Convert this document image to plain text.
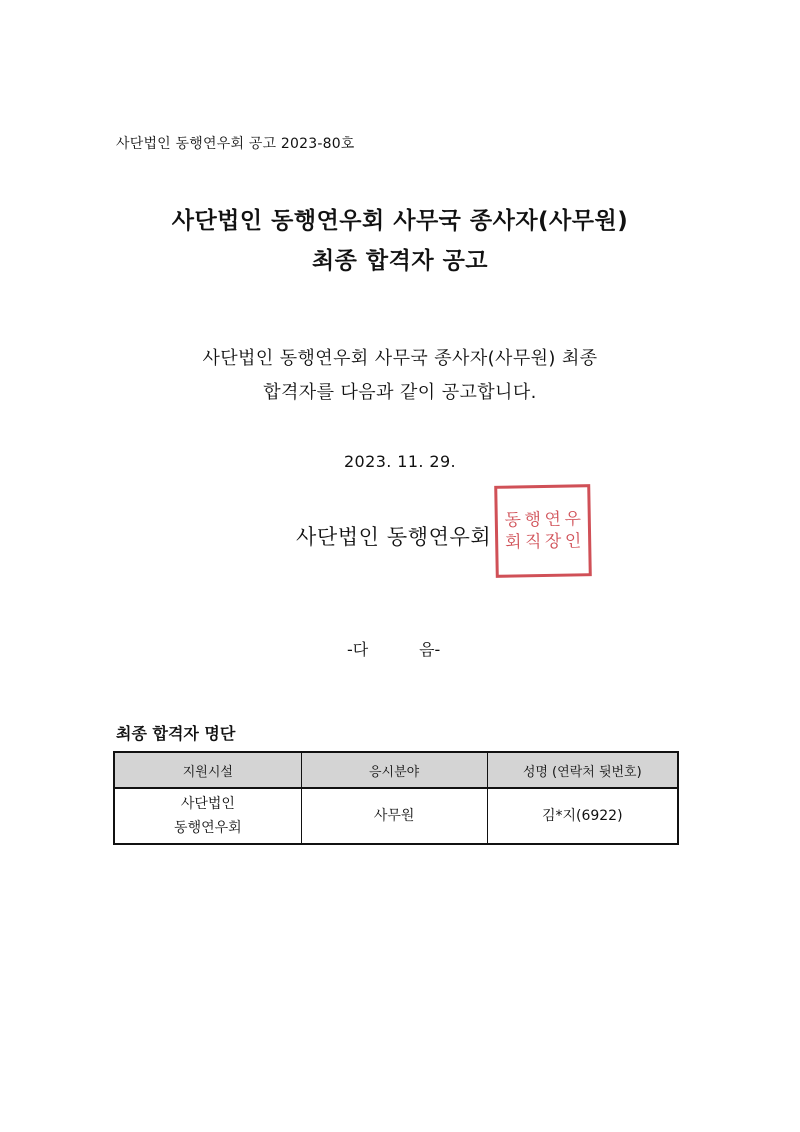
사단법인 동행연우회 공고 2023-80호
사단법인 동행연우회 사무국 종사자(사무원)
최종 합격자 공고
사단법인 동행연우회 사무국 종사자(사무원) 최종
합격자를 다음과 같이 공고합니다.
2023. 11. 29.
사단법인 동행연우회
동 행 연 우
회 직 장 인
-다          음-
최종 합격자 명단
지원시설	응시분야	성명 (연락처 뒷번호)

사단법인
동행연우회	사무원	김*지(6922)
